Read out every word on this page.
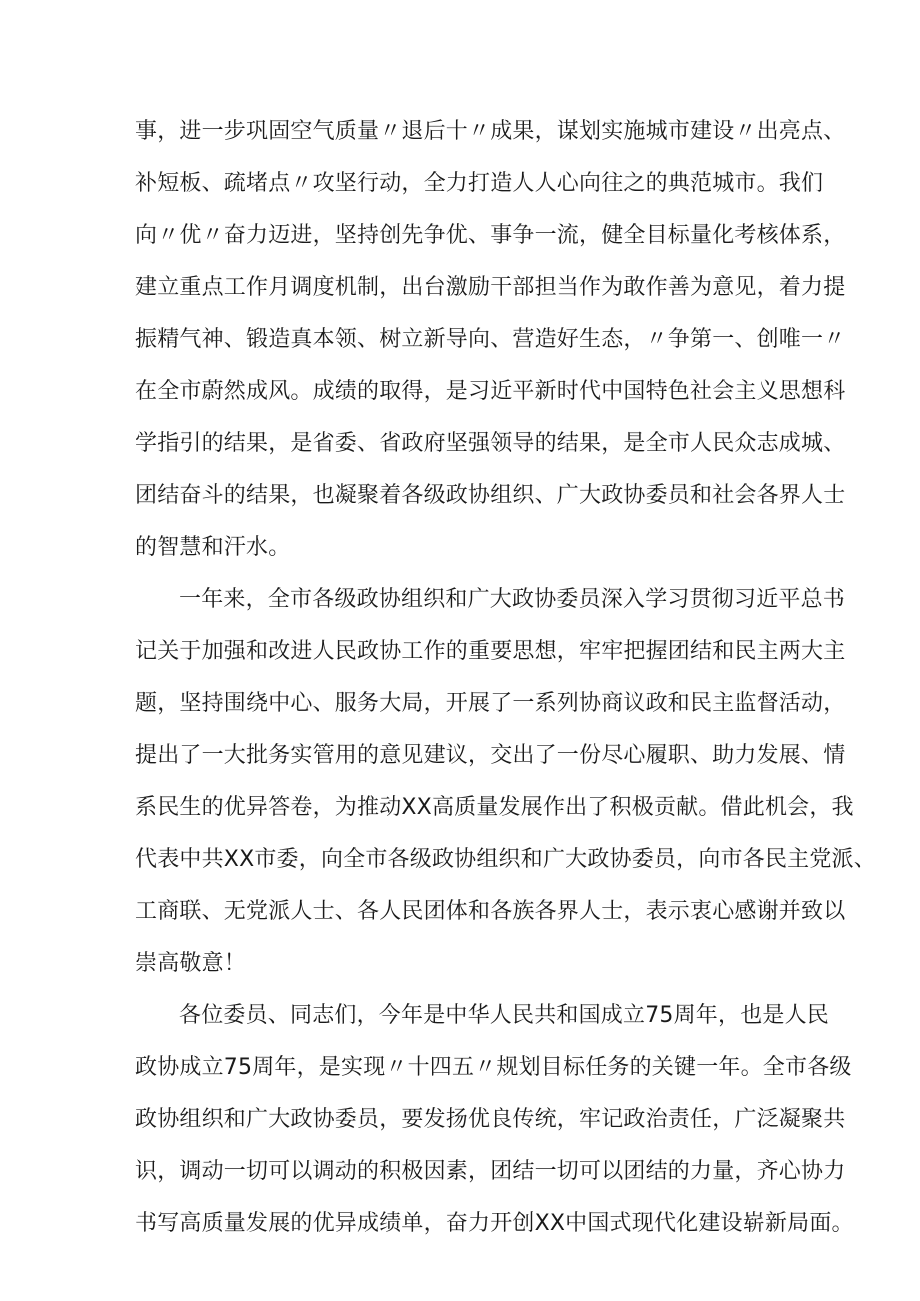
事，进一步巩固空气质量〃退后十〃成果，谋划实施城市建设〃出亮点、
补短板、疏堵点〃攻坚行动，全力打造人人心向往之的典范城市。我们
向〃优〃奋力迈进，坚持创先争优、事争一流，健全目标量化考核体系，
建立重点工作月调度机制，出台激励干部担当作为敢作善为意见，着力提
振精气神、锻造真本领、树立新导向、营造好生态，〃争第一、创唯一〃
在全市蔚然成风。成绩的取得，是习近平新时代中国特色社会主义思想科
学指引的结果，是省委、省政府坚强领导的结果，是全市人民众志成城、
团结奋斗的结果，也凝聚着各级政协组织、广大政协委员和社会各界人士
的智慧和汗水。
一年来，全市各级政协组织和广大政协委员深入学习贯彻习近平总书
记关于加强和改进人民政协工作的重要思想，牢牢把握团结和民主两大主
题，坚持围绕中心、服务大局，开展了一系列协商议政和民主监督活动，
提出了一大批务实管用的意见建议，交出了一份尽心履职、助力发展、情
系民生的优异答卷，为推动XX高质量发展作出了积极贡献。借此机会，我
代表中共XX市委，向全市各级政协组织和广大政协委员，向市各民主党派、
工商联、无党派人士、各人民团体和各族各界人士，表示衷心感谢并致以
崇高敬意！
各位委员、同志们，今年是中华人民共和国成立75周年，也是人民
政协成立75周年，是实现〃十四五〃规划目标任务的关键一年。全市各级
政协组织和广大政协委员，要发扬优良传统，牢记政治责任，广泛凝聚共
识，调动一切可以调动的积极因素，团结一切可以团结的力量，齐心协力
书写高质量发展的优异成绩单，奋力开创XX中国式现代化建设崭新局面。
